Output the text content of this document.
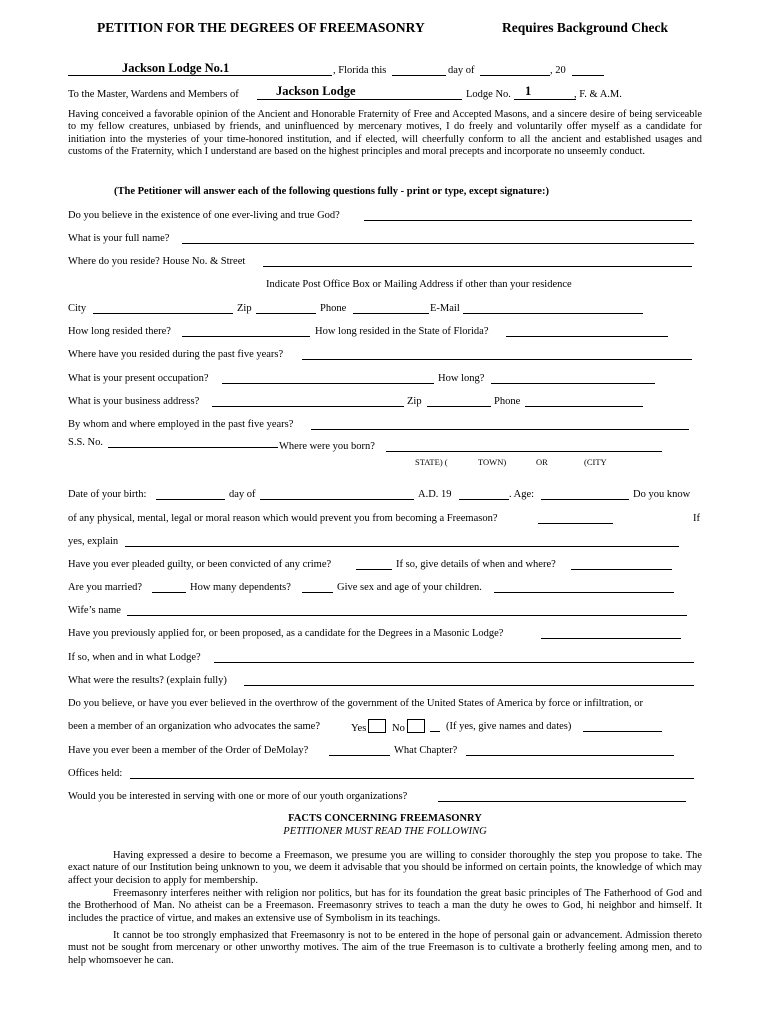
PETITION FOR THE DEGREES OF FREEMASONRY	Requires Background Check
Jackson Lodge No.1	, Florida this	day of	, 20
To the Master, Wardens and Members of	Jackson Lodge	Lodge No. 1	, F. & A.M.
Having conceived a favorable opinion of the Ancient and Honorable Fraternity of Free and Accepted Masons, and a sincere desire of being serviceable to my fellow creatures, unbiased by friends, and uninfluenced by mercenary motives, I do freely and voluntarily offer myself as a candidate for initiation into the mysteries of your time-honored institution, and if elected, will cheerfully conform to all the ancient and established usages and customs of the Fraternity, which I understand are based on the highest principles and moral precepts and incorporate no unseemly conduct.
(The Petitioner will answer each of the following questions fully - print or type, except signature:)
Do you believe in the existence of one ever-living and true God?
What is your full name?
Where do you reside? House No. & Street
Indicate Post Office Box or Mailing Address if other than your residence
City	Zip	Phone	E-Mail
How long resided there?	How long resided in the State of Florida?
Where have you resided during the past five years?
What is your present occupation?	How long?
What is your business address?	Zip	Phone
By whom and where employed in the past five years?
S.S. No.	Where were you born?
STATE) (	TOWN)	OR	(CITY
Date of your birth:	day of	A.D. 19	. Age:	Do you know
of any physical, mental, legal or moral reason which would prevent you from becoming a Freemason?	If
yes, explain
Have you ever pleaded guilty, or been convicted of any crime?	If so, give details of when and where?
Are you married?	How many dependents?	Give sex and age of your children.
Wife’s name
Have you previously applied for, or been proposed, as a candidate for the Degrees in a Masonic Lodge?
If so, when and in what Lodge?
What were the results? (explain fully)
Do you believe, or have you ever believed in the overthrow of the government of the United States of America by force or infiltration, or
been a member of an organization who advocates the same?	Yes	No	(If yes, give names and dates)
Have you ever been a member of the Order of DeMolay?	What Chapter?
Offices held:
Would you be interested in serving with one or more of our youth organizations?
FACTS CONCERNING FREEMASONRY
PETITIONER MUST READ THE FOLLOWING
Having expressed a desire to become a Freemason, we presume you are willing to consider thoroughly the step you propose to take. The exact nature of our Institution being unknown to you, we deem it advisable that you should be informed on certain points, the knowledge of which may affect your decision to apply for membership.
Freemasonry interferes neither with religion nor politics, but has for its foundation the great basic principles of The Fatherhood of God and the Brotherhood of Man. No atheist can be a Freemason. Freemasonry strives to teach a man the duty he owes to God, hi neighbor and himself. It includes the practice of virtue, and makes an extensive use of Symbolism in its teachings.
It cannot be too strongly emphasized that Freemasonry is not to be entered in the hope of personal gain or advancement. Admission thereto must not be sought from mercenary or other unworthy motives. The aim of the true Freemason is to cultivate a brotherly feeling among men, and to help whomsoever he can.
